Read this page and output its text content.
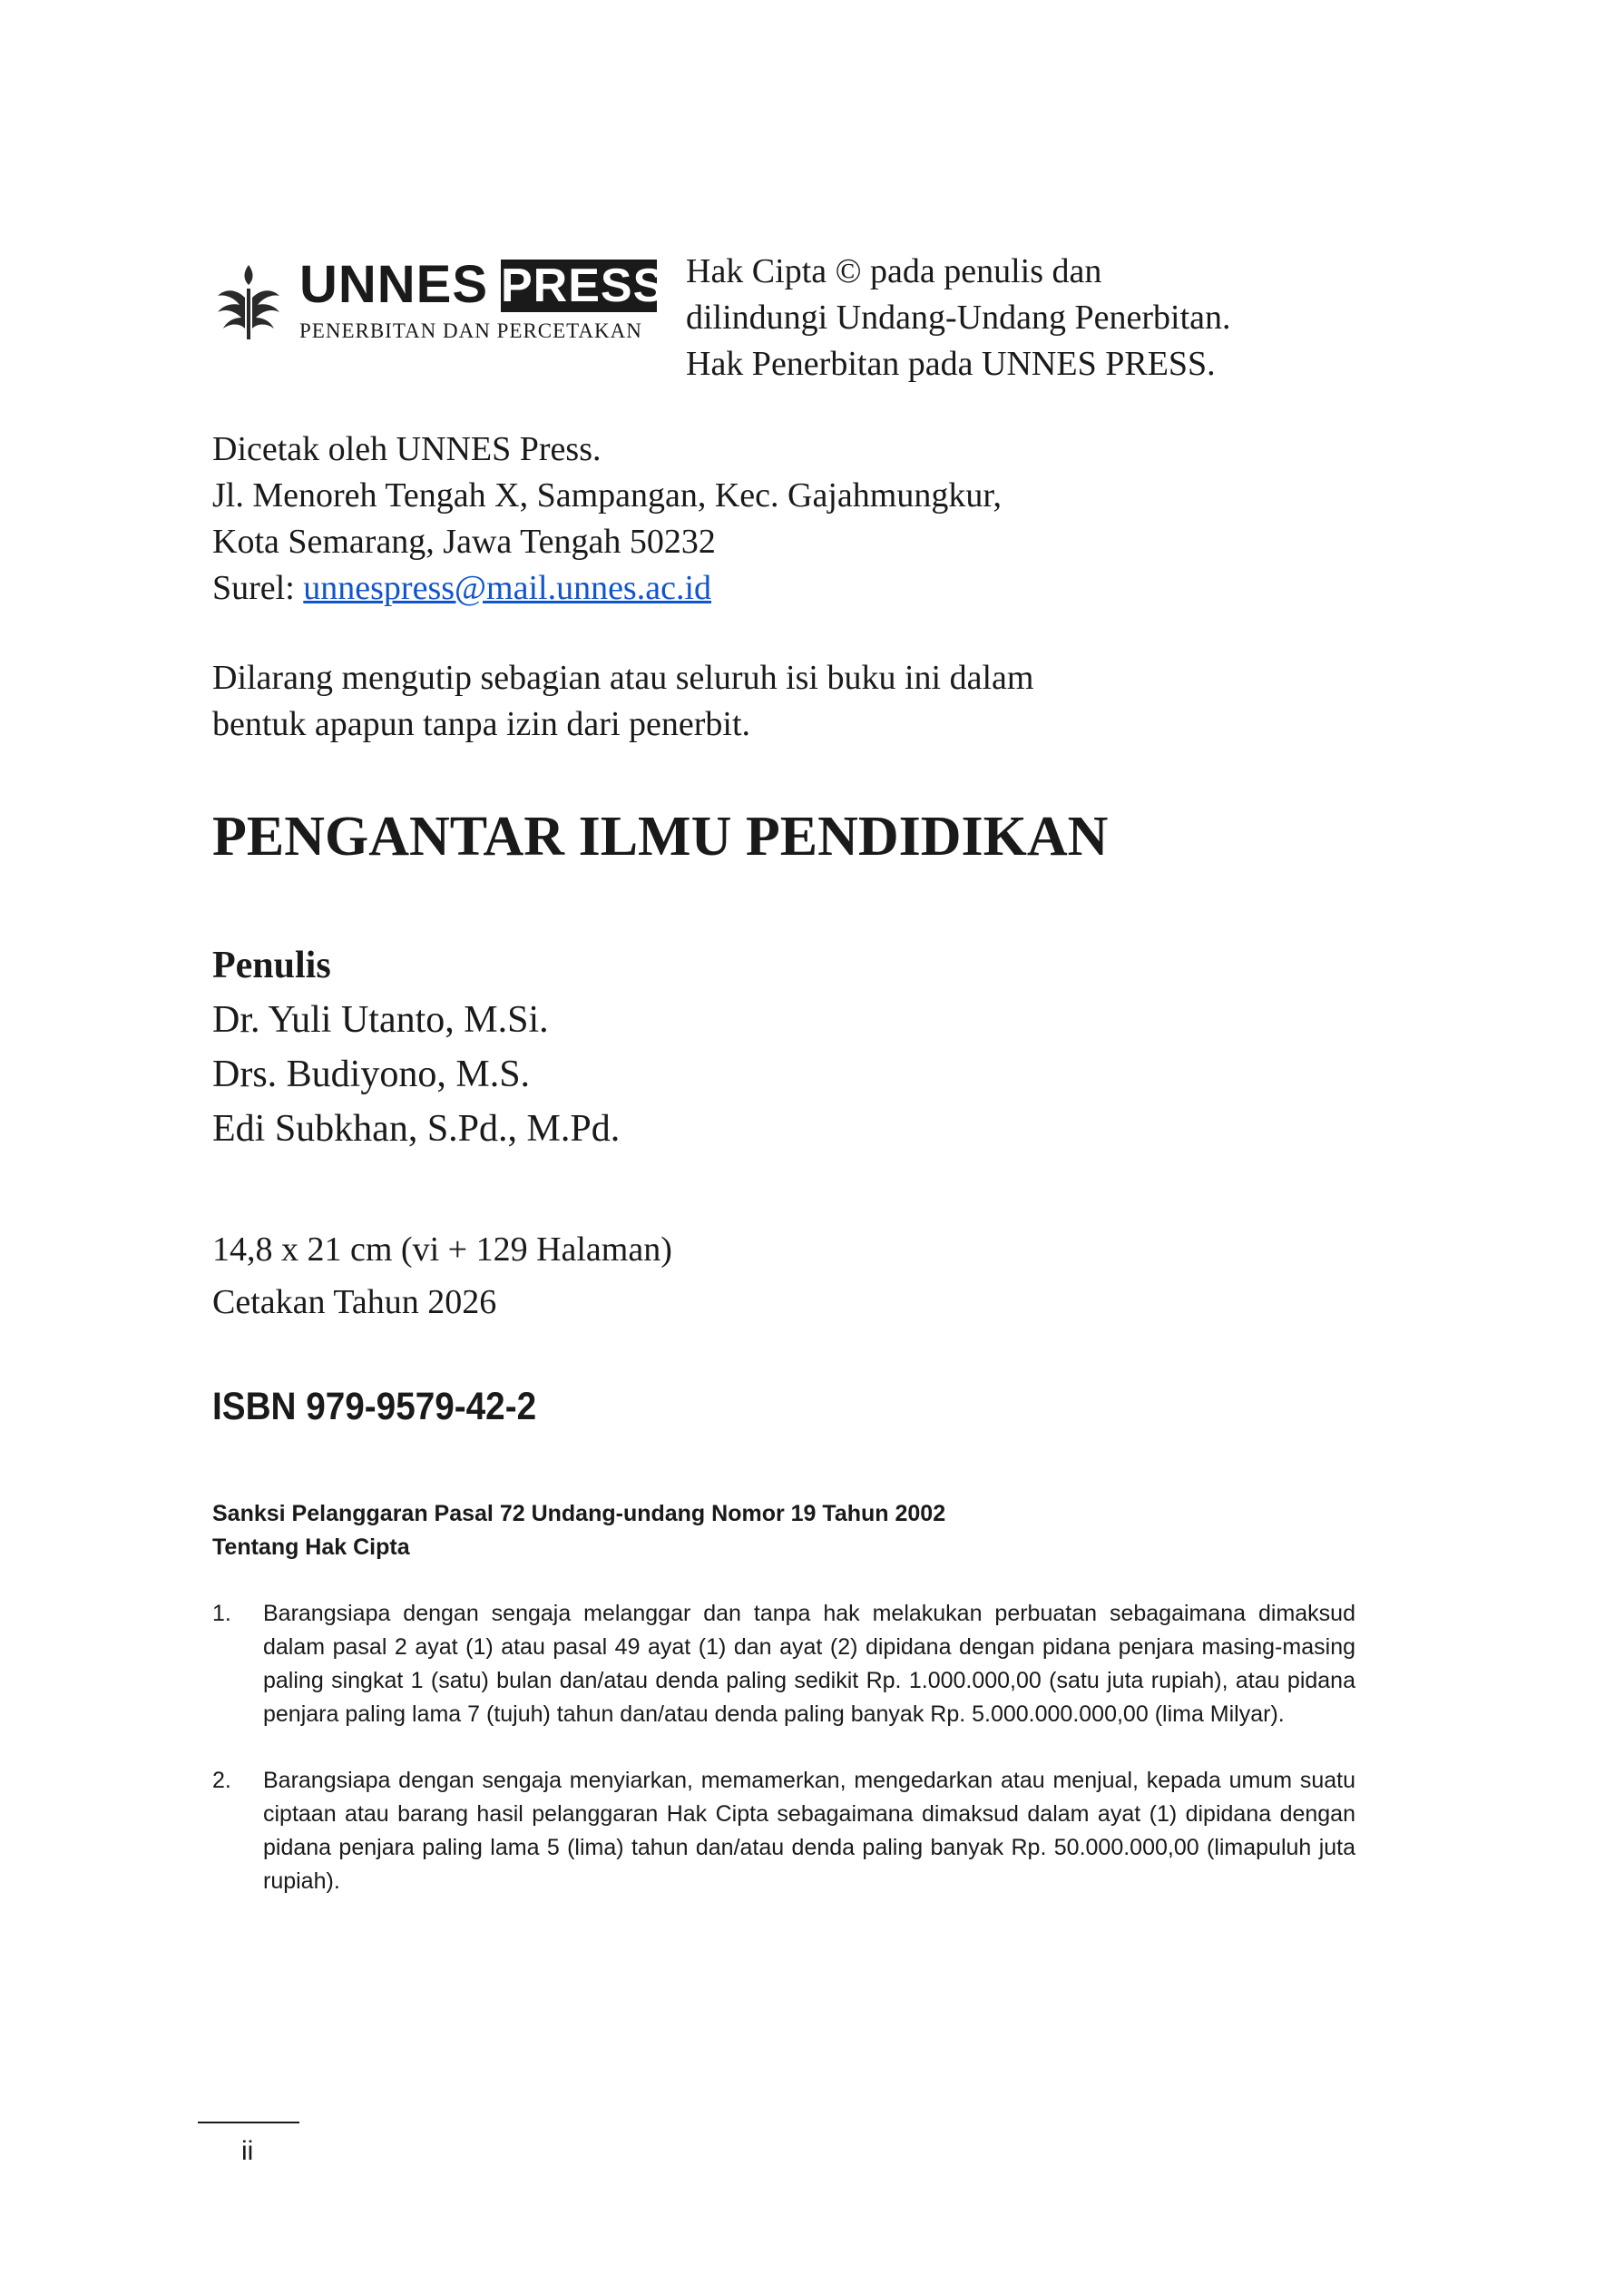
UNNES PRESS
PENERBITAN DAN PERCETAKAN
Hak Cipta © pada penulis dan
dilindungi Undang-Undang Penerbitan.
Hak Penerbitan pada UNNES PRESS.
Dicetak oleh UNNES Press.
Jl. Menoreh Tengah X, Sampangan, Kec. Gajahmungkur,
Kota Semarang, Jawa Tengah 50232
Surel: unnespress@mail.unnes.ac.id
Dilarang mengutip sebagian atau seluruh isi buku ini dalam
bentuk apapun tanpa izin dari penerbit.
PENGANTAR ILMU PENDIDIKAN
Penulis
Dr. Yuli Utanto, M.Si.
Drs. Budiyono, M.S.
Edi Subkhan, S.Pd., M.Pd.
14,8 x 21 cm (vi + 129 Halaman)
Cetakan Tahun 2026
ISBN 979-9579-42-2
Sanksi Pelanggaran Pasal 72 Undang-undang Nomor 19 Tahun 2002
Tentang Hak Cipta
1. Barangsiapa dengan sengaja melanggar dan tanpa hak melakukan perbuatan sebagaimana dimaksud dalam pasal 2 ayat (1) atau pasal 49 ayat (1) dan ayat (2) dipidana dengan pidana penjara masing-masing paling singkat 1 (satu) bulan dan/atau denda paling sedikit Rp. 1.000.000,00 (satu juta rupiah), atau pidana penjara paling lama 7 (tujuh) tahun dan/atau denda paling banyak Rp. 5.000.000.000,00 (lima Milyar).
2. Barangsiapa dengan sengaja menyiarkan, memamerkan, mengedarkan atau menjual, kepada umum suatu ciptaan atau barang hasil pelanggaran Hak Cipta sebagaimana dimaksud dalam ayat (1) dipidana dengan pidana penjara paling lama 5 (lima) tahun dan/atau denda paling banyak Rp. 50.000.000,00 (limapuluh juta rupiah).
ii
